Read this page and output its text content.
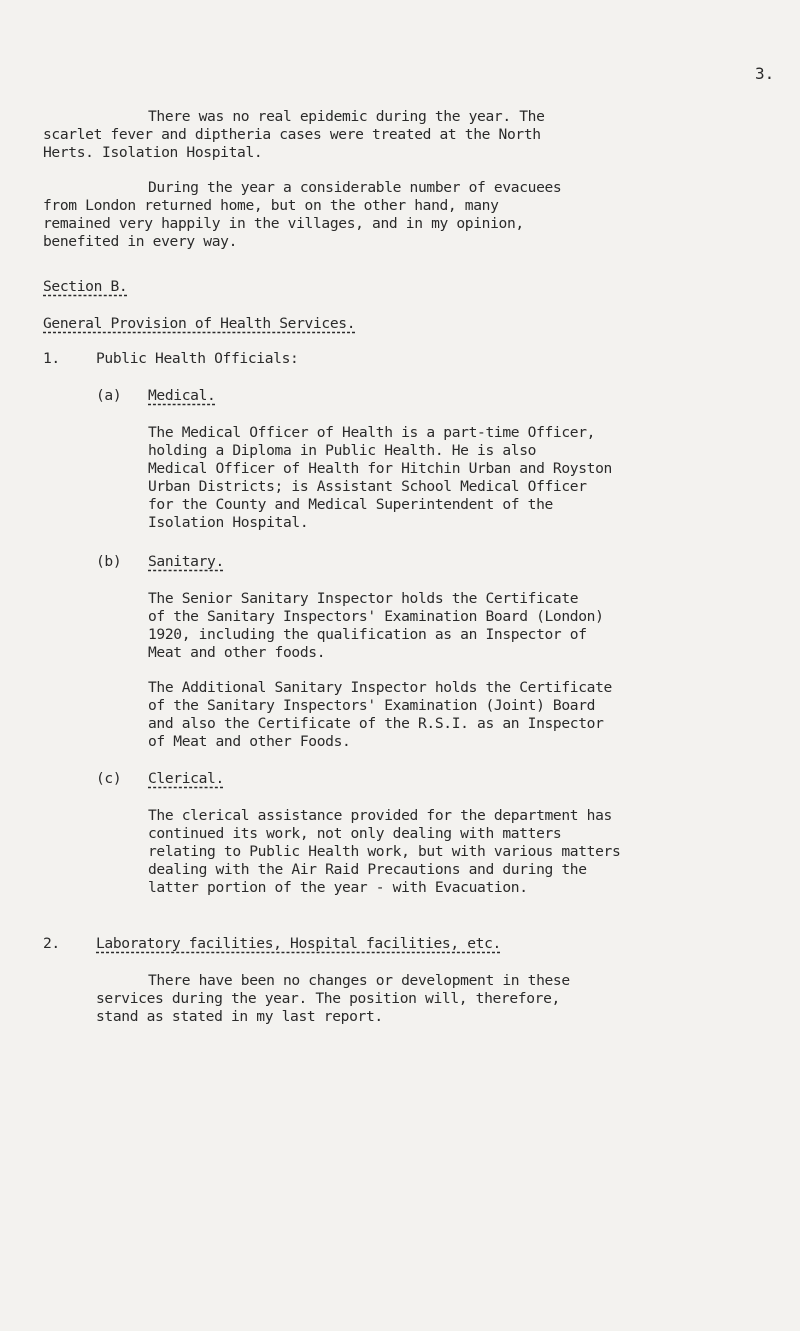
3.
There was no real epidemic during the year. The
scarlet fever and diptheria cases were treated at the North
Herts. Isolation Hospital.
During the year a considerable number of evacuees
from London returned home, but on the other hand, many
remained very happily in the villages, and in my opinion,
benefited in every way.
Section B.
General Provision of Health Services.
1. Public Health Officials:
(a) Medical.
The Medical Officer of Health is a part-time Officer,
holding a Diploma in Public Health. He is also
Medical Officer of Health for Hitchin Urban and Royston
Urban Districts; is Assistant School Medical Officer
for the County and Medical Superintendent of the
Isolation Hospital.
(b) Sanitary.
The Senior Sanitary Inspector holds the Certificate
of the Sanitary Inspectors' Examination Board (London)
1920, including the qualification as an Inspector of
Meat and other foods.
The Additional Sanitary Inspector holds the Certificate
of the Sanitary Inspectors' Examination (Joint) Board
and also the Certificate of the R.S.I. as an Inspector
of Meat and other Foods.
(c) Clerical.
The clerical assistance provided for the department has
continued its work, not only dealing with matters
relating to Public Health work, but with various matters
dealing with the Air Raid Precautions and during the
latter portion of the year - with Evacuation.
2. Laboratory facilities, Hospital facilities, etc.
There have been no changes or development in these
services during the year. The position will, therefore,
stand as stated in my last report.
